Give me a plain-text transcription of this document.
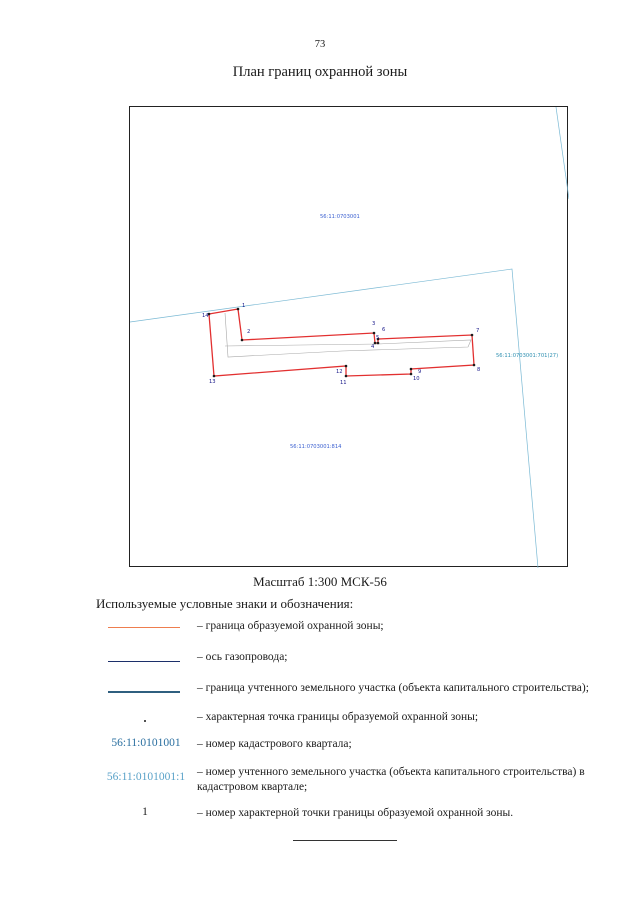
73
План границ охранной зоны
1
2
3
4
5
6	7
8
9
10
11
12
13
14
56:11:0703001
56:11:0703001:701(27)
56:11:0703001:814
Масштаб 1:300 МСК-56
Используемые условные знаки и обозначения:
– граница образуемой охранной зоны;
– ось газопровода;
– граница учтенного земельного участка (объекта капитального строительства);
– характерная точка границы образуемой охранной зоны;
56:11:0101001	– номер кадастрового квартала;
56:11:0101001:1	– номер учтенного земельного участка (объекта капитального строительства) в кадастровом квартале;
1	– номер характерной точки границы образуемой охранной зоны.
